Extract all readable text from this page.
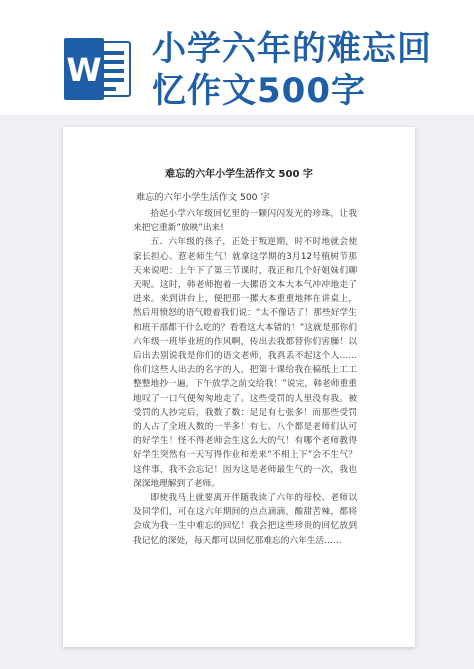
W
小学六年的难忘回
忆作文500字
难忘的六年小学生活作文 500 字
难忘的六年小学生活作文 500 字

拾起小学六年级回忆里的一颗闪闪发光的珍珠，让我来把它重新“放映”出来!

五、六年级的孩子，正处于叛逆期，时不时地就会使家长担心、惹老师生气！就拿这学期的3月12号植树节那天来说吧：上午下了第三节课时，我正和几个好姐妹们聊天呢。这时，韩老师抱着一大摞语文本大本气冲冲地走了进来。来到讲台上，便把那一摞大本重重地摔在讲桌上，然后用愤怒的语气瞪着我们说：“太不像话了！那些好学生和班干部都干什么吃的？看看这大本错的！”这就是那你们六年级一班毕业班的作风啊，传出去我都替你们害臊！以后出去别说我是你们的语文老师，我真丢不起这个人……你们这些人出去的名字的人，把第十课给我在稿纸上工工整整地抄一遍，下午放学之前交给我！”说完，韩老师重重地叹了一口气便匆匆地走了。这些受罚的人里没有我。被受罚的人抄完后，我数了数：足足有七张多！而那些受罚的人占了全班人数的一半多！有七、八个都是老师们认可的好学生！怪不得老师会生这么大的气！有哪个老师教得好学生突然有一天写得作业和差来“不相上下”会不生气？这件事，我不会忘记！因为这是老师最生气的一次，我也深深地理解到了老师。

即使我马上就要离开伴随我读了六年的母校、老师以及同学们，可在这六年期间的点点滴滴，酸甜苦辣，都将会成为我一生中难忘的回忆！我会把这些珍贵的回忆放到我记忆的深处，每天都可以回忆那难忘的六年生活……
